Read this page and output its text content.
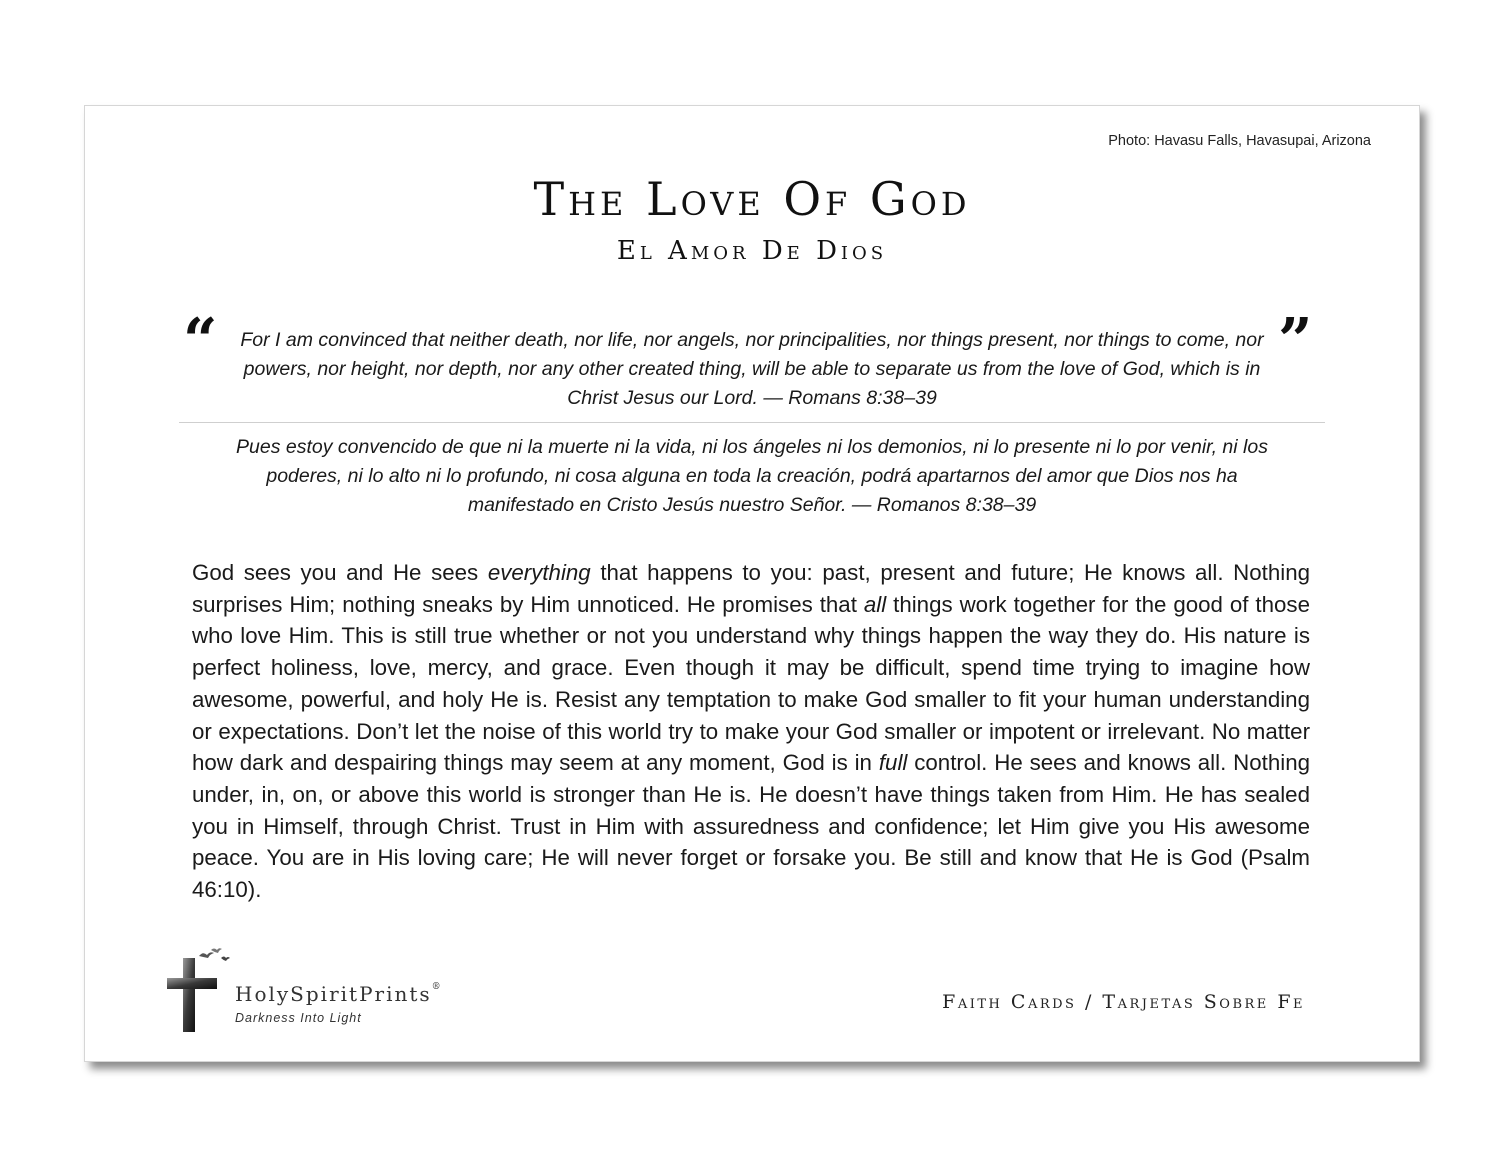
Photo: Havasu Falls, Havasupai, Arizona
The Love Of God
El Amor De Dios
“	”
For I am convinced that neither death, nor life, nor angels, nor principalities, nor things present, nor things to come, nor powers, nor height, nor depth, nor any other created thing, will be able to separate us from the love of God, which is in Christ Jesus our Lord. — Romans 8:38–39
Pues estoy convencido de que ni la muerte ni la vida, ni los ángeles ni los demonios, ni lo presente ni lo por venir, ni los poderes, ni lo alto ni lo profundo, ni cosa alguna en toda la creación, podrá apartarnos del amor que Dios nos ha manifestado en Cristo Jesús nuestro Señor. — Romanos 8:38–39
God sees you and He sees everything that happens to you: past, present and future; He knows all. Nothing surprises Him; nothing sneaks by Him unnoticed. He promises that all things work together for the good of those who love Him. This is still true whether or not you understand why things happen the way they do. His nature is perfect holiness, love, mercy, and grace. Even though it may be difficult, spend time trying to imagine how awesome, powerful, and holy He is. Resist any temptation to make God smaller to fit your human understanding or expectations. Don’t let the noise of this world try to make your God smaller or impotent or irrelevant. No matter how dark and despairing things may seem at any moment, God is in full control. He sees and knows all. Nothing under, in, on, or above this world is stronger than He is. He doesn’t have things taken from Him. He has sealed you in Himself, through Christ. Trust in Him with assuredness and confidence; let Him give you His awesome peace. You are in His loving care; He will never forget or forsake you. Be still and know that He is God (Psalm 46:10).
HolySpiritPrints®
Darkness Into Light
Faith Cards / Tarjetas Sobre Fe
